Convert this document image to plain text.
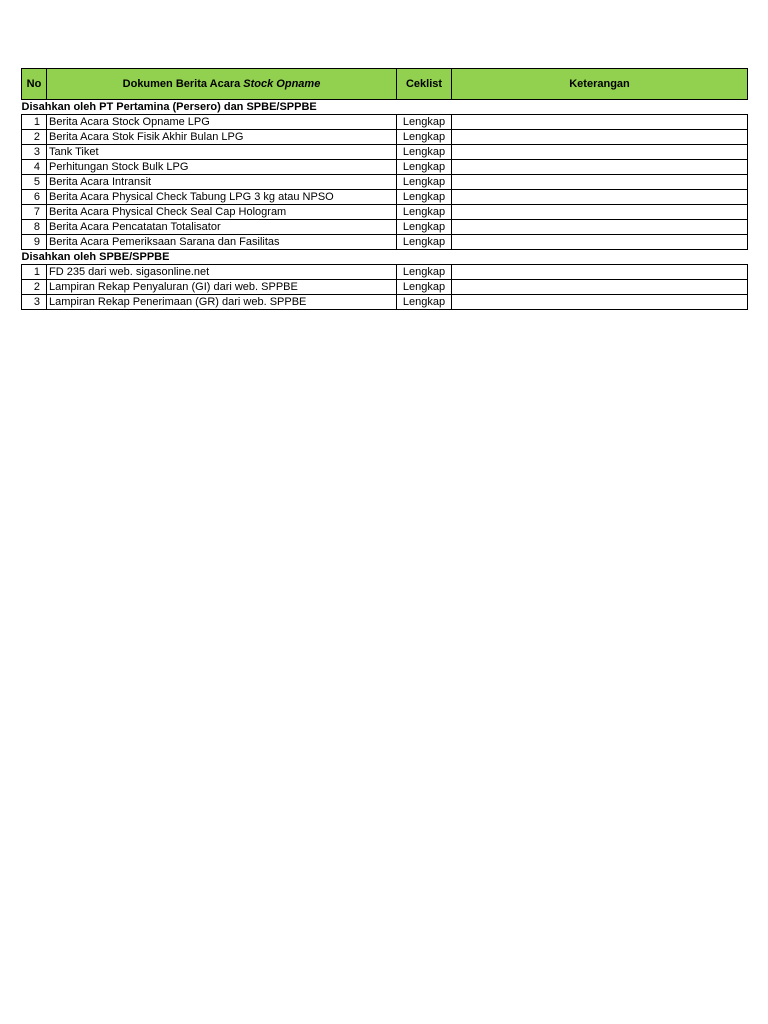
No	Dokumen Berita Acara Stock Opname	Ceklist	Keterangan
Disahkan oleh PT Pertamina (Persero) dan SPBE/SPPBE			
1	Berita Acara Stock Opname LPG	Lengkap	
2	Berita Acara Stok Fisik Akhir Bulan LPG	Lengkap	
3	Tank Tiket	Lengkap	
4	Perhitungan Stock Bulk LPG	Lengkap	
5	Berita Acara Intransit	Lengkap	
6	Berita Acara Physical Check Tabung LPG 3 kg atau NPSO	Lengkap	
7	Berita Acara Physical Check Seal Cap Hologram	Lengkap	
8	Berita Acara Pencatatan Totalisator	Lengkap	
9	Berita Acara Pemeriksaan Sarana dan Fasilitas	Lengkap	
Disahkan oleh SPBE/SPPBE			
1	FD 235 dari web. sigasonline.net	Lengkap	
2	Lampiran Rekap Penyaluran (GI) dari web. SPPBE	Lengkap	
3	Lampiran Rekap Penerimaan (GR) dari web. SPPBE	Lengkap	
